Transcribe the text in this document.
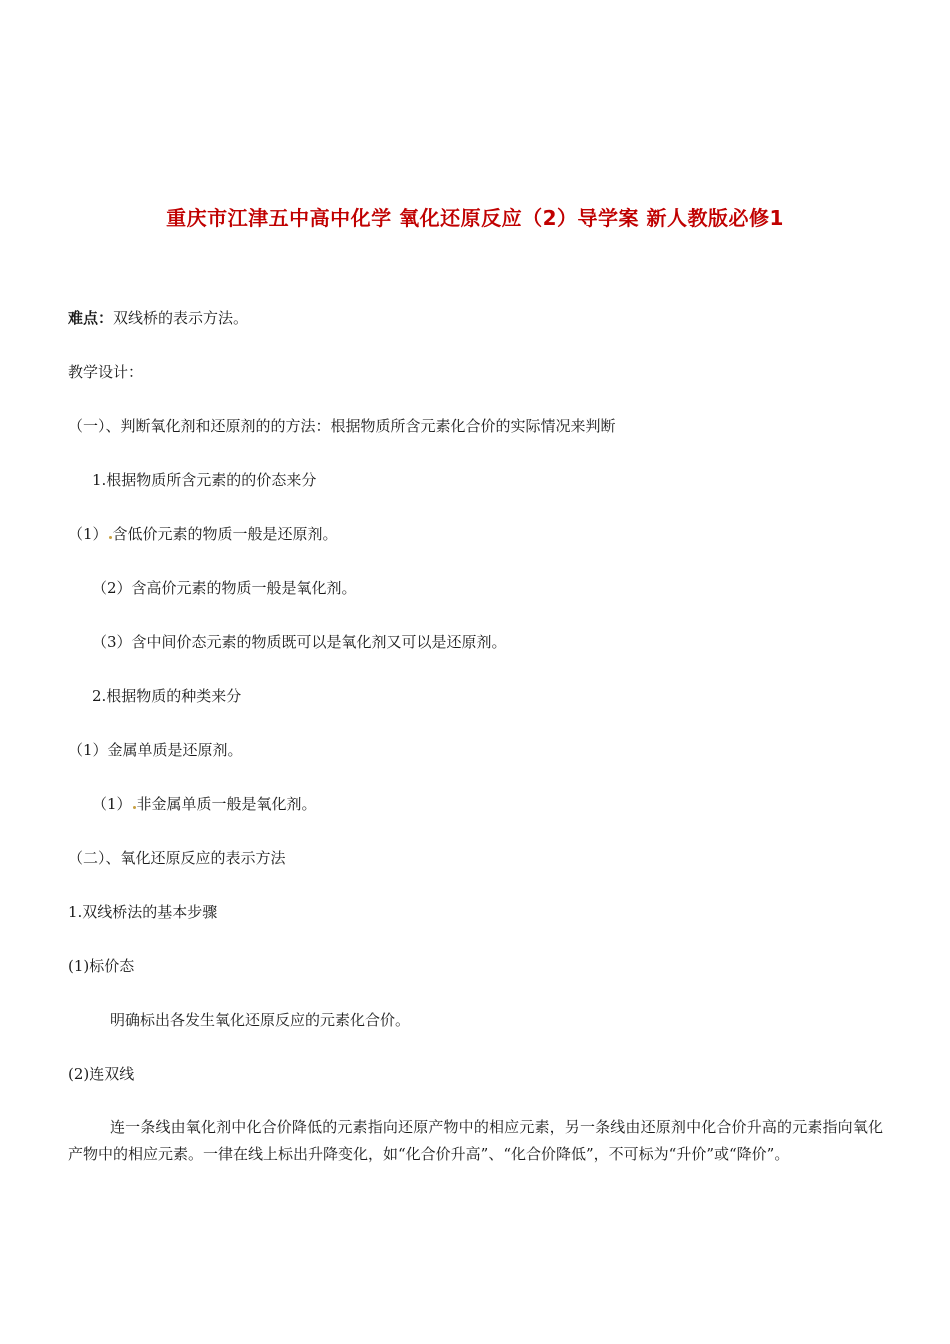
重庆市江津五中高中化学 氧化还原反应（2）导学案 新人教版必修1
难点：双线桥的表示方法。
教学设计：
（一）、判断氧化剂和还原剂的的方法：根据物质所含元素化合价的实际情况来判断
1.根据物质所含元素的的价态来分
（1） 含低价元素的物质一般是还原剂。
（2）含高价元素的物质一般是氧化剂。
（3）含中间价态元素的物质既可以是氧化剂又可以是还原剂。
2.根据物质的种类来分
（1）金属单质是还原剂。
（1） 非金属单质一般是氧化剂。
（二）、氧化还原反应的表示方法
1.双线桥法的基本步骤
(1)标价态
明确标出各发生氧化还原反应的元素化合价。
(2)连双线
连一条线由氧化剂中化合价降低的元素指向还原产物中的相应元素，另一条线由还原剂中化合价升高的元素指向氧化产物中的相应元素。一律在线上标出升降变化，如“化合价升高”、“化合价降低”，不可标为“升价”或“降价”。
